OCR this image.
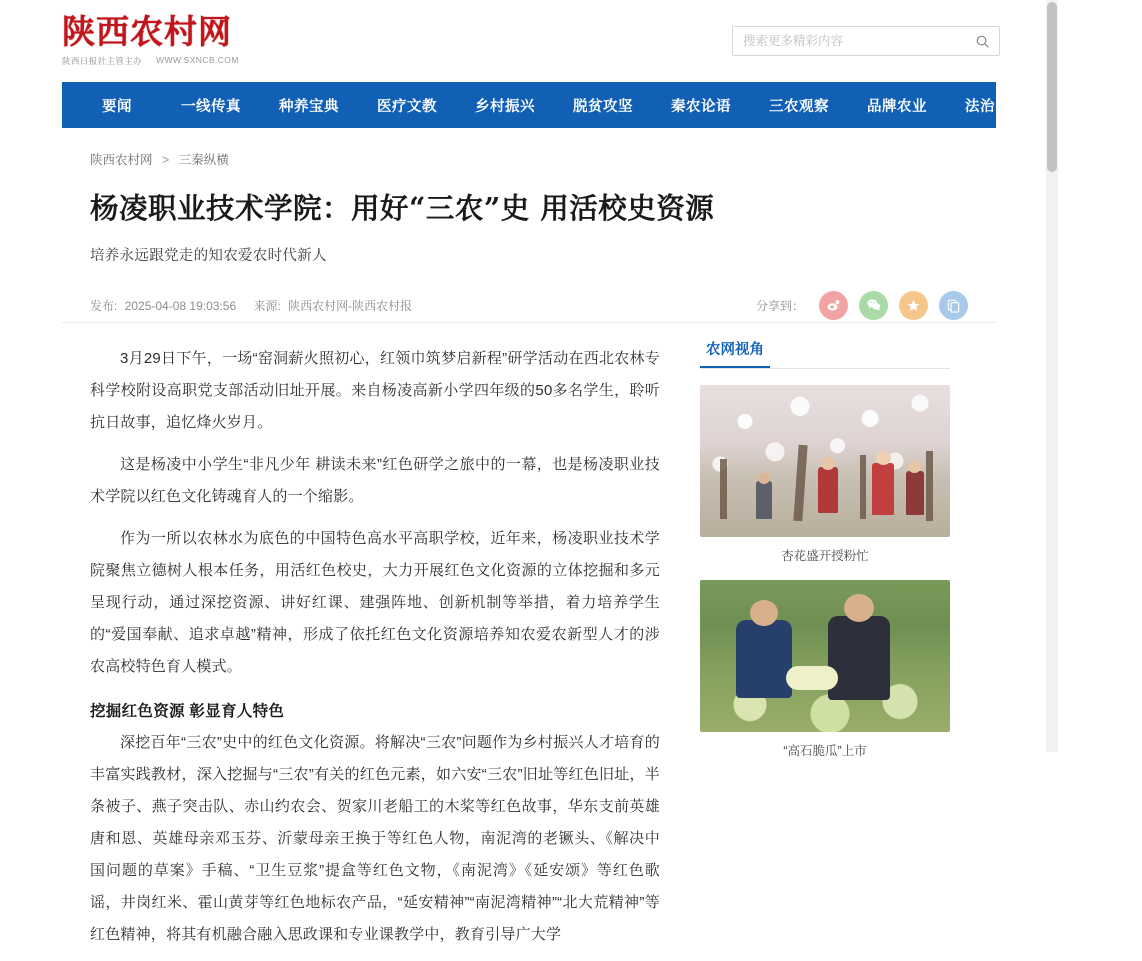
陕西农村网
陕西日报社主管主办 WWW.SXNCB.COM
搜索更多精彩内容
要闻	一线传真	种养宝典	医疗文教	乡村振兴	脱贫攻坚	秦农论语	三农观察	品牌农业	法治陕西	三秦纵横
陕西农村网 > 三秦纵横
杨凌职业技术学院：用好“三农”史 用活校史资源
培养永远跟党走的知农爱农时代新人
发布: 2025-04-08 19:03:56 来源: 陕西农村网-陕西农村报	分享到：

3月29日下午，一场“窑洞薪火照初心，红领巾筑梦启新程”研学活动在西北农林专科学校附设高职党支部活动旧址开展。来自杨凌高新小学四年级的50多名学生，聆听抗日故事，追忆烽火岁月。

这是杨凌中小学生“非凡少年 耕读未来”红色研学之旅中的一幕，也是杨凌职业技术学院以红色文化铸魂育人的一个缩影。

作为一所以农林水为底色的中国特色高水平高职学校，近年来，杨凌职业技术学院聚焦立德树人根本任务，用活红色校史，大力开展红色文化资源的立体挖掘和多元呈现行动，通过深挖资源、讲好红课、建强阵地、创新机制等举措，着力培养学生的“爱国奉献、追求卓越”精神，形成了依托红色文化资源培养知农爱农新型人才的涉农高校特色育人模式。

挖掘红色资源 彰显育人特色

深挖百年“三农”史中的红色文化资源。将解决“三农”问题作为乡村振兴人才培育的丰富实践教材，深入挖掘与“三农”有关的红色元素，如六安“三农”旧址等红色旧址，半条被子、燕子突击队、赤山约农会、贺家川老船工的木桨等红色故事，华东支前英雄唐和恩、英雄母亲邓玉芬、沂蒙母亲王换于等红色人物，南泥湾的老镢头、《解决中国问题的草案》手稿、“卫生豆浆”提盒等红色文物，《南泥湾》《延安颂》等红色歌谣，井岗红米、霍山黄芽等红色地标农产品，“延安精神”“南泥湾精神”“北大荒精神”等红色精神，将其有机融合融入思政课和专业课教学中，教育引导广大学

农网视角
杏花盛开授粉忙
“高石脆瓜”上市
